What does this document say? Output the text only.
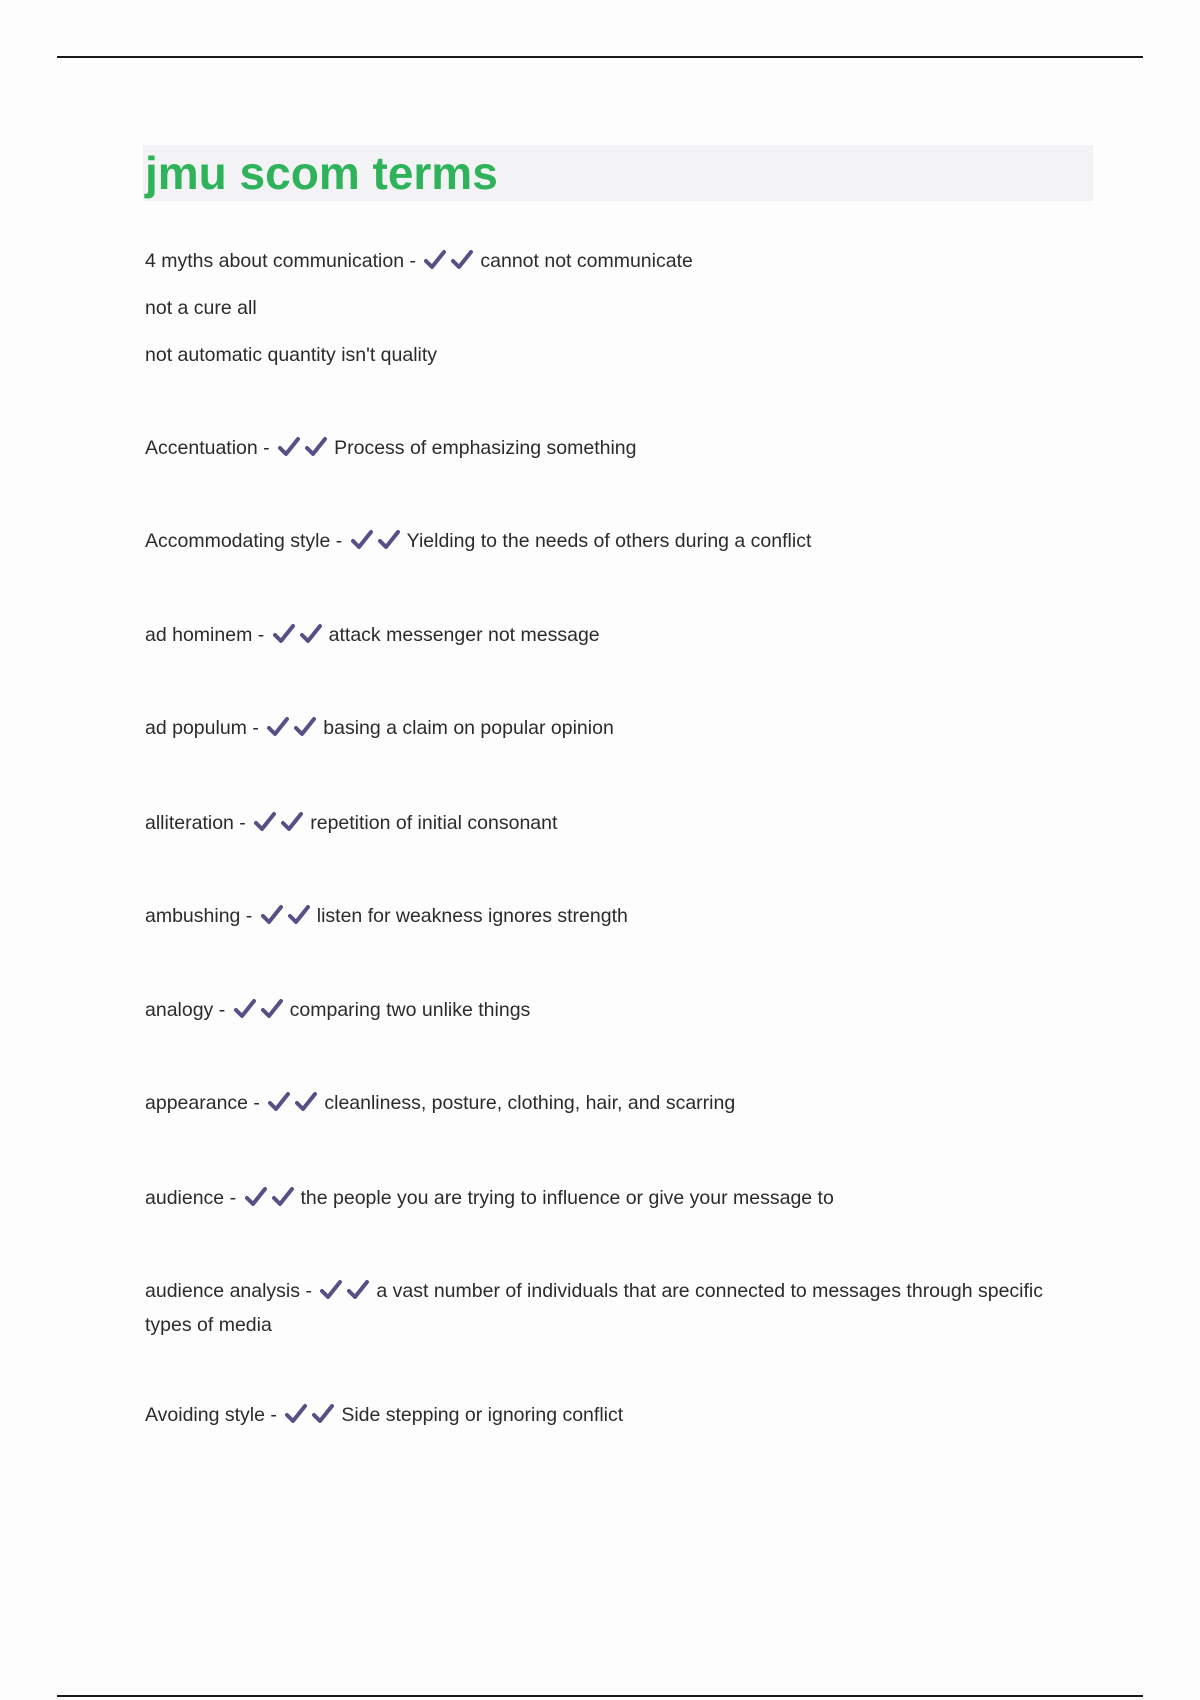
jmu scom terms
4 myths about communication -	cannot not communicate
not a cure all
not automatic quantity isn't quality
Accentuation -	Process of emphasizing something
Accommodating style -	Yielding to the needs of others during a conflict
ad hominem -	attack messenger not message
ad populum -	basing a claim on popular opinion
alliteration -	repetition of initial consonant
ambushing -	listen for weakness ignores strength
analogy -	comparing two unlike things
appearance -	cleanliness, posture, clothing, hair, and scarring
audience -	the people you are trying to influence or give your message to
audience analysis -	a vast number of individuals that are connected to messages through specific types of media
Avoiding style -	Side stepping or ignoring conflict
